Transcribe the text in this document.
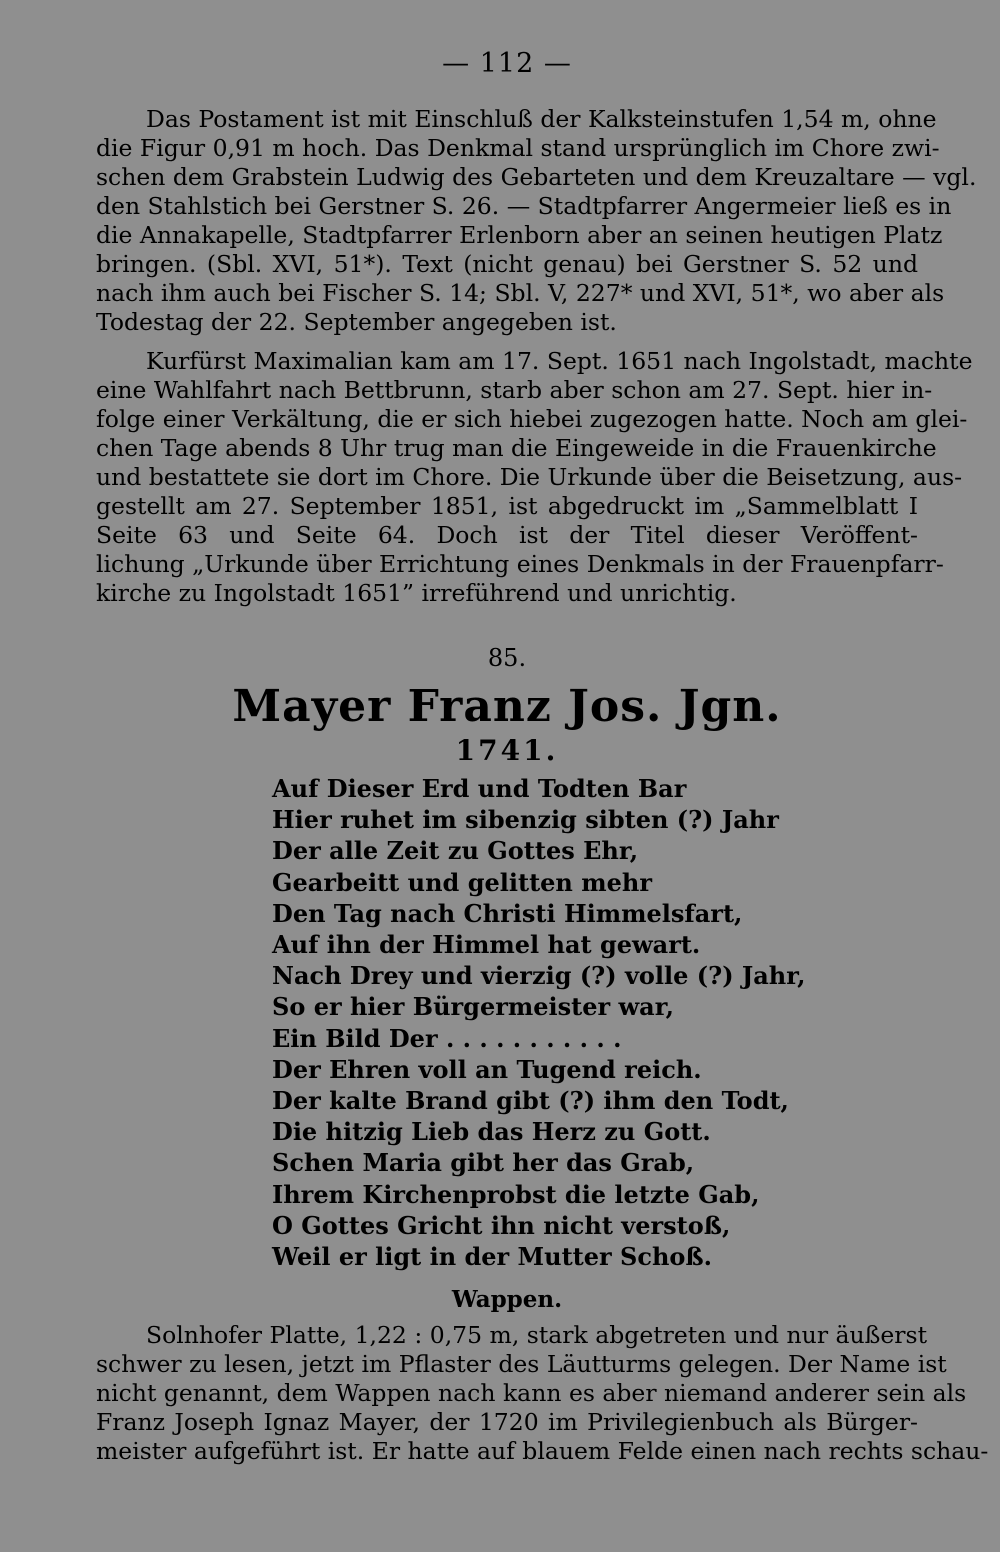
— 112 —
Das Postament ist mit Einschluß der Kalksteinstufen 1,54 m, ohne
die Figur 0,91 m hoch. Das Denkmal stand ursprünglich im Chore zwi-
schen dem Grabstein Ludwig des Gebarteten und dem Kreuzaltare — vgl.
den Stahlstich bei Gerstner S. 26. — Stadtpfarrer Angermeier ließ es in
die Annakapelle, Stadtpfarrer Erlenborn aber an seinen heutigen Platz
bringen. (Sbl. XVI, 51*). Text (nicht genau) bei Gerstner S. 52 und
nach ihm auch bei Fischer S. 14; Sbl. V, 227* und XVI, 51*, wo aber als
Todestag der 22. September angegeben ist.
Kurfürst Maximalian kam am 17. Sept. 1651 nach Ingolstadt, machte
eine Wahlfahrt nach Bettbrunn, starb aber schon am 27. Sept. hier in-
folge einer Verkältung, die er sich hiebei zugezogen hatte. Noch am glei-
chen Tage abends 8 Uhr trug man die Eingeweide in die Frauenkirche
und bestattete sie dort im Chore. Die Urkunde über die Beisetzung, aus-
gestellt am 27. September 1851, ist abgedruckt im „Sammelblatt I
Seite 63 und Seite 64. Doch ist der Titel dieser Veröffent-
lichung „Urkunde über Errichtung eines Denkmals in der Frauenpfarr-
kirche zu Ingolstadt 1651” irreführend und unrichtig.
85.
Mayer Franz Jos. Jgn.
1741.
Auf Dieser Erd und Todten Bar
Hier ruhet im sibenzig sibten (?) Jahr
Der alle Zeit zu Gottes Ehr,
Gearbeitt und gelitten mehr
Den Tag nach Christi Himmelsfart,
Auf ihn der Himmel hat gewart.
Nach Drey und vierzig (?) volle (?) Jahr,
So er hier Bürgermeister war,
Ein Bild Der . . . . . . . . . . .
Der Ehren voll an Tugend reich.
Der kalte Brand gibt (?) ihm den Todt,
Die hitzig Lieb das Herz zu Gott.
Schen Maria gibt her das Grab,
Ihrem Kirchenprobst die letzte Gab,
O Gottes Gricht ihn nicht verstoß,
Weil er ligt in der Mutter Schoß.
Wappen.
Solnhofer Platte, 1,22 : 0,75 m, stark abgetreten und nur äußerst
schwer zu lesen, jetzt im Pflaster des Läutturms gelegen. Der Name ist
nicht genannt, dem Wappen nach kann es aber niemand anderer sein als
Franz Joseph Ignaz Mayer, der 1720 im Privilegienbuch als Bürger-
meister aufgeführt ist. Er hatte auf blauem Felde einen nach rechts schau-
